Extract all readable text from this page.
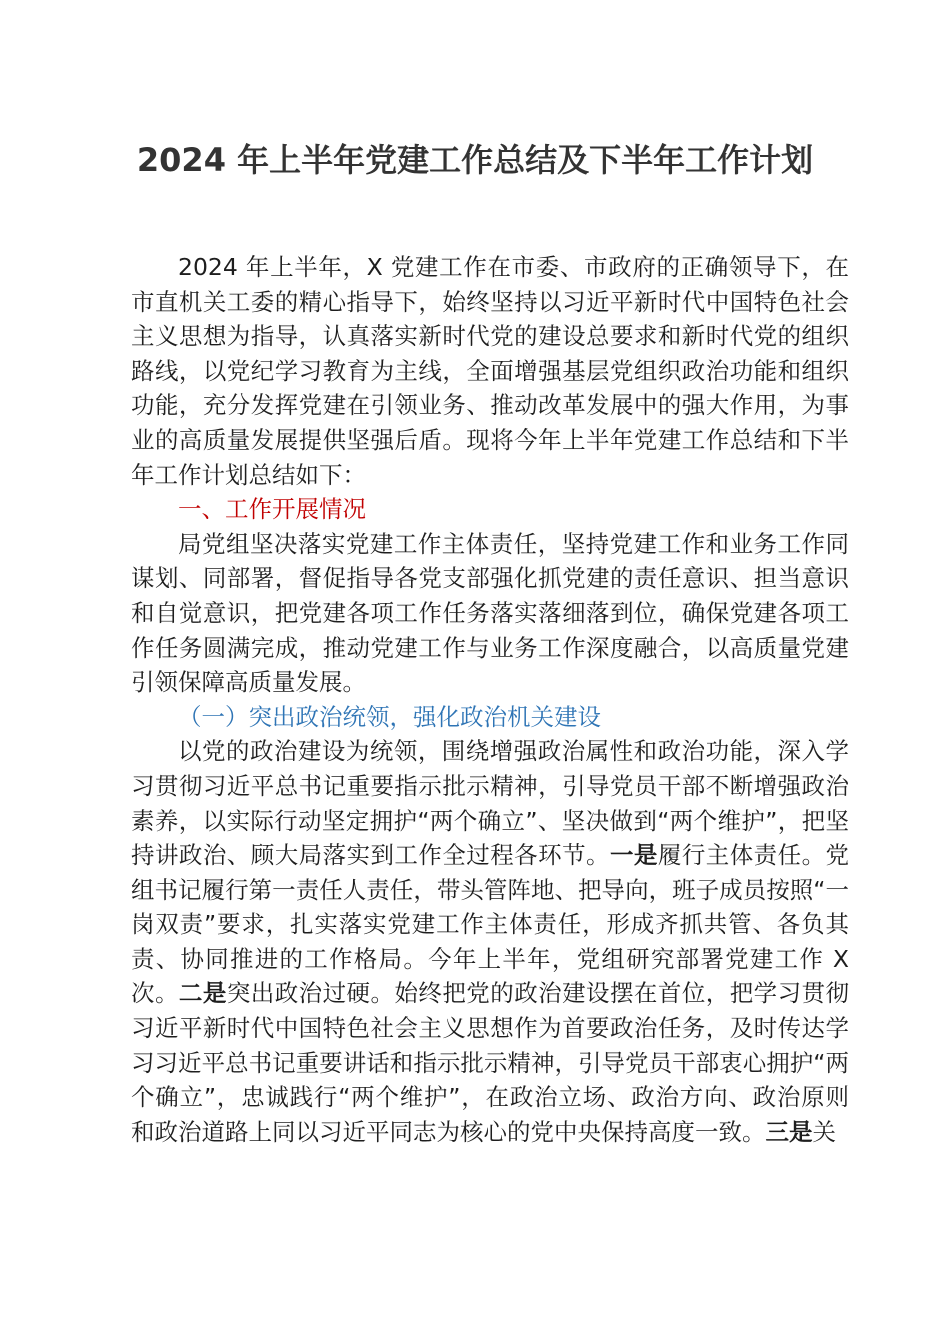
2024 年上半年党建工作总结及下半年工作计划

2024 年上半年，X 党建工作在市委、市政府的正确领导下，在市直机关工委的精心指导下，始终坚持以习近平新时代中国特色社会主义思想为指导，认真落实新时代党的建设总要求和新时代党的组织路线，以党纪学习教育为主线，全面增强基层党组织政治功能和组织功能，充分发挥党建在引领业务、推动改革发展中的强大作用，为事业的高质量发展提供坚强后盾。现将今年上半年党建工作总结和下半年工作计划总结如下：

一、工作开展情况

局党组坚决落实党建工作主体责任，坚持党建工作和业务工作同谋划、同部署，督促指导各党支部强化抓党建的责任意识、担当意识和自觉意识，把党建各项工作任务落实落细落到位，确保党建各项工作任务圆满完成，推动党建工作与业务工作深度融合，以高质量党建引领保障高质量发展。

（一）突出政治统领，强化政治机关建设

以党的政治建设为统领，围绕增强政治属性和政治功能，深入学习贯彻习近平总书记重要指示批示精神，引导党员干部不断增强政治素养，以实际行动坚定拥护“两个确立”、坚决做到“两个维护”，把坚持讲政治、顾大局落实到工作全过程各环节。一是履行主体责任。党组书记履行第一责任人责任，带头管阵地、把导向，班子成员按照“一岗双责”要求，扎实落实党建工作主体责任，形成齐抓共管、各负其责、协同推进的工作格局。今年上半年，党组研究部署党建工作 X 次。二是突出政治过硬。始终把党的政治建设摆在首位，把学习贯彻习近平新时代中国特色社会主义思想作为首要政治任务，及时传达学习习近平总书记重要讲话和指示批示精神，引导党员干部衷心拥护“两个确立”，忠诚践行“两个维护”，在政治立场、政治方向、政治原则和政治道路上同以习近平同志为核心的党中央保持高度一致。三是关
